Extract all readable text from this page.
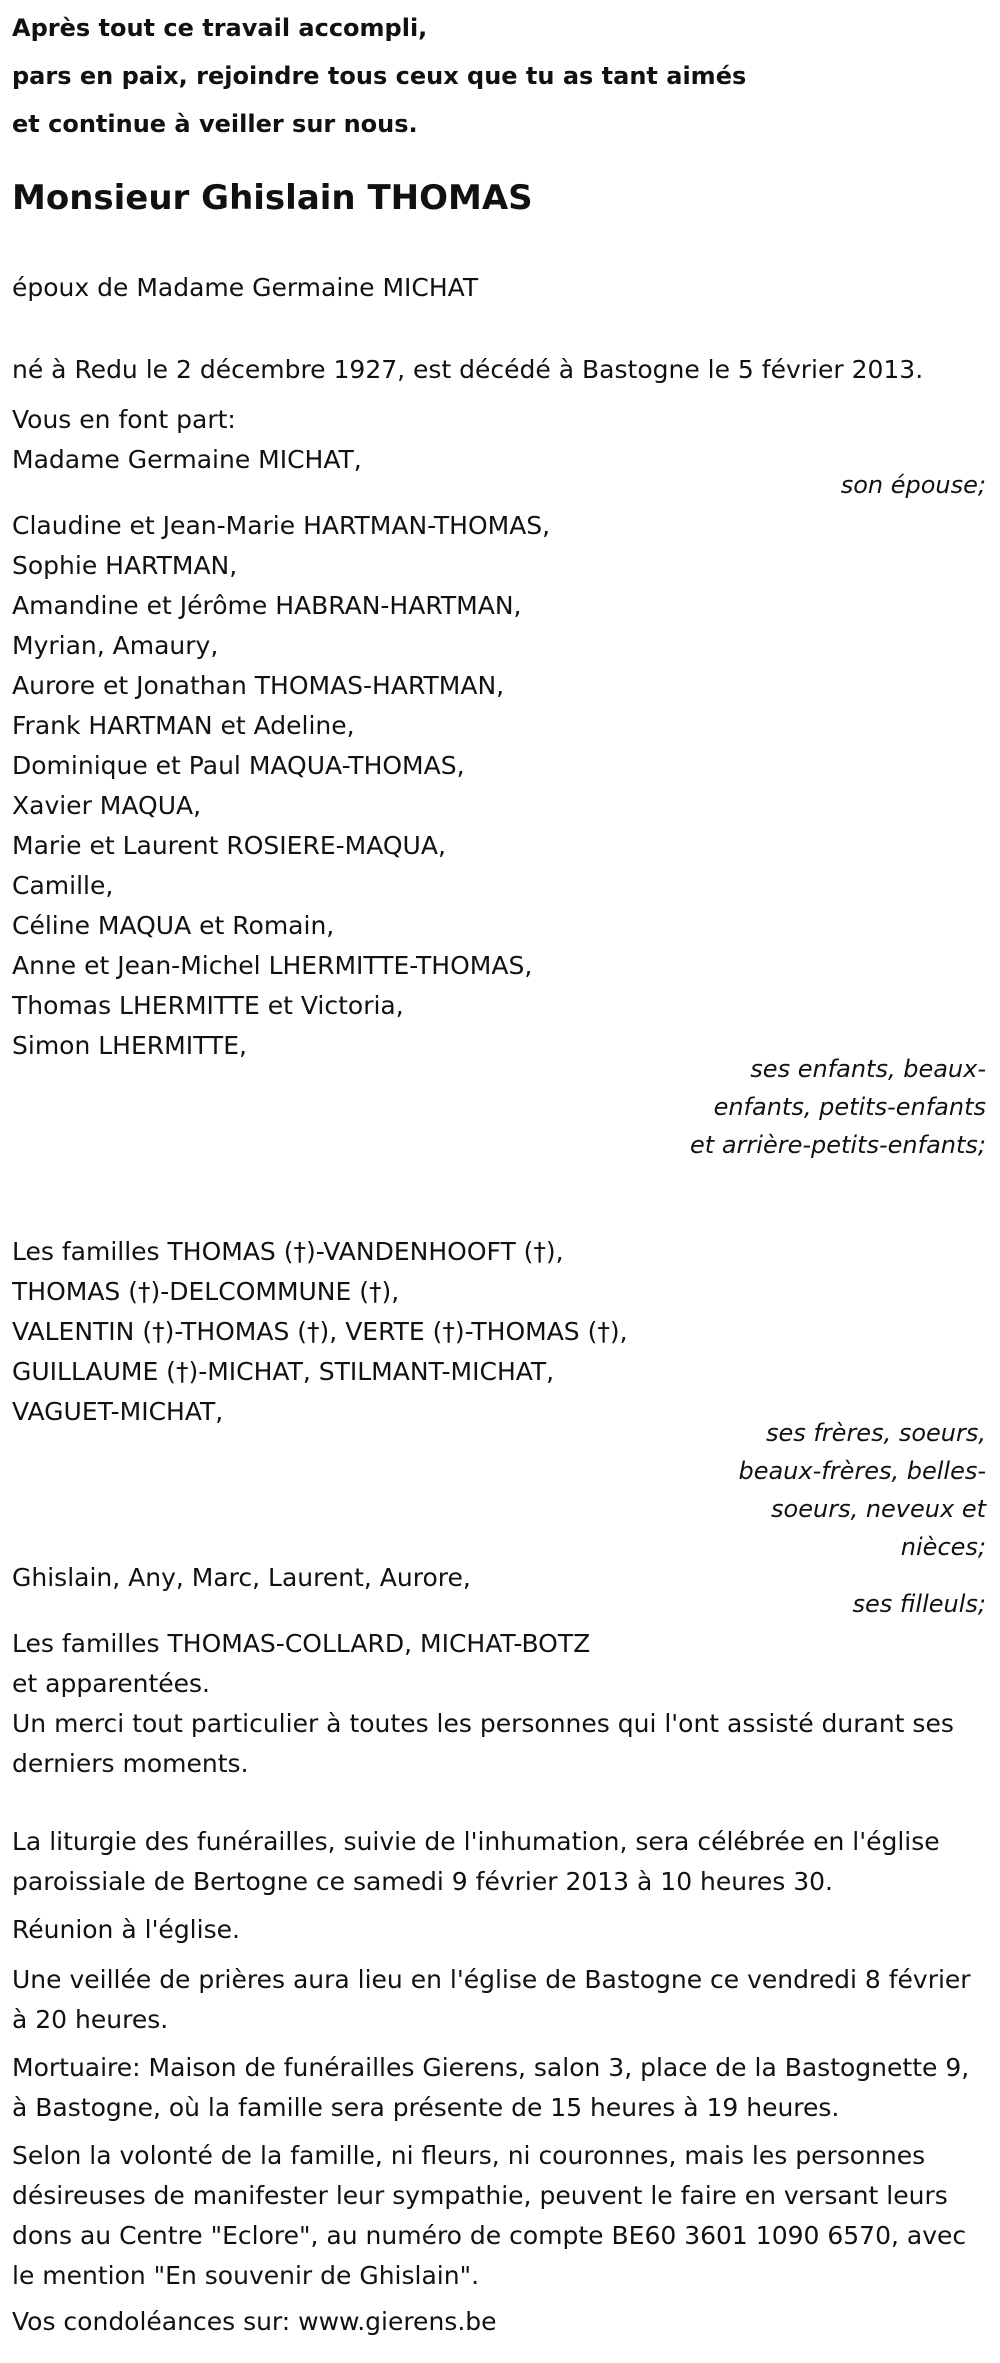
Après tout ce travail accompli,
pars en paix, rejoindre tous ceux que tu as tant aimés
et continue à veiller sur nous.
Monsieur Ghislain THOMAS
époux de Madame Germaine MICHAT
né à Redu le 2 décembre 1927, est décédé à Bastogne le 5 février 2013.
Vous en font part:
Madame Germaine MICHAT,
son épouse;
Claudine et Jean-Marie HARTMAN-THOMAS,
Sophie HARTMAN,
Amandine et Jérôme HABRAN-HARTMAN,
Myrian, Amaury,
Aurore et Jonathan THOMAS-HARTMAN,
Frank HARTMAN et Adeline,
Dominique et Paul MAQUA-THOMAS,
Xavier MAQUA,
Marie et Laurent ROSIERE-MAQUA,
Camille,
Céline MAQUA et Romain,
Anne et Jean-Michel LHERMITTE-THOMAS,
Thomas LHERMITTE et Victoria,
Simon LHERMITTE,
ses enfants, beaux-enfants, petits-enfants et arrière-petits-enfants;
Les familles THOMAS (†)-VANDENHOOFT (†),
THOMAS (†)-DELCOMMUNE (†),
VALENTIN (†)-THOMAS (†), VERTE (†)-THOMAS (†),
GUILLAUME (†)-MICHAT, STILMANT-MICHAT,
VAGUET-MICHAT,
ses frères, soeurs, beaux-frères, belles-soeurs, neveux et nièces;
Ghislain, Any, Marc, Laurent, Aurore,
ses filleuls;
Les familles THOMAS-COLLARD, MICHAT-BOTZ
et apparentées.
Un merci tout particulier à toutes les personnes qui l'ont assisté durant ses derniers moments.
La liturgie des funérailles, suivie de l'inhumation, sera célébrée en l'église paroissiale de Bertogne ce samedi 9 février 2013 à 10 heures 30.
Réunion à l'église.
Une veillée de prières aura lieu en l'église de Bastogne ce vendredi 8 février à 20 heures.
Mortuaire: Maison de funérailles Gierens, salon 3, place de la Bastognette 9, à Bastogne, où la famille sera présente de 15 heures à 19 heures.
Selon la volonté de la famille, ni fleurs, ni couronnes, mais les personnes désireuses de manifester leur sympathie, peuvent le faire en versant leurs dons au Centre "Eclore", au numéro de compte BE60 3601 1090 6570, avec le mention "En souvenir de Ghislain".
Vos condoléances sur: www.gierens.be
